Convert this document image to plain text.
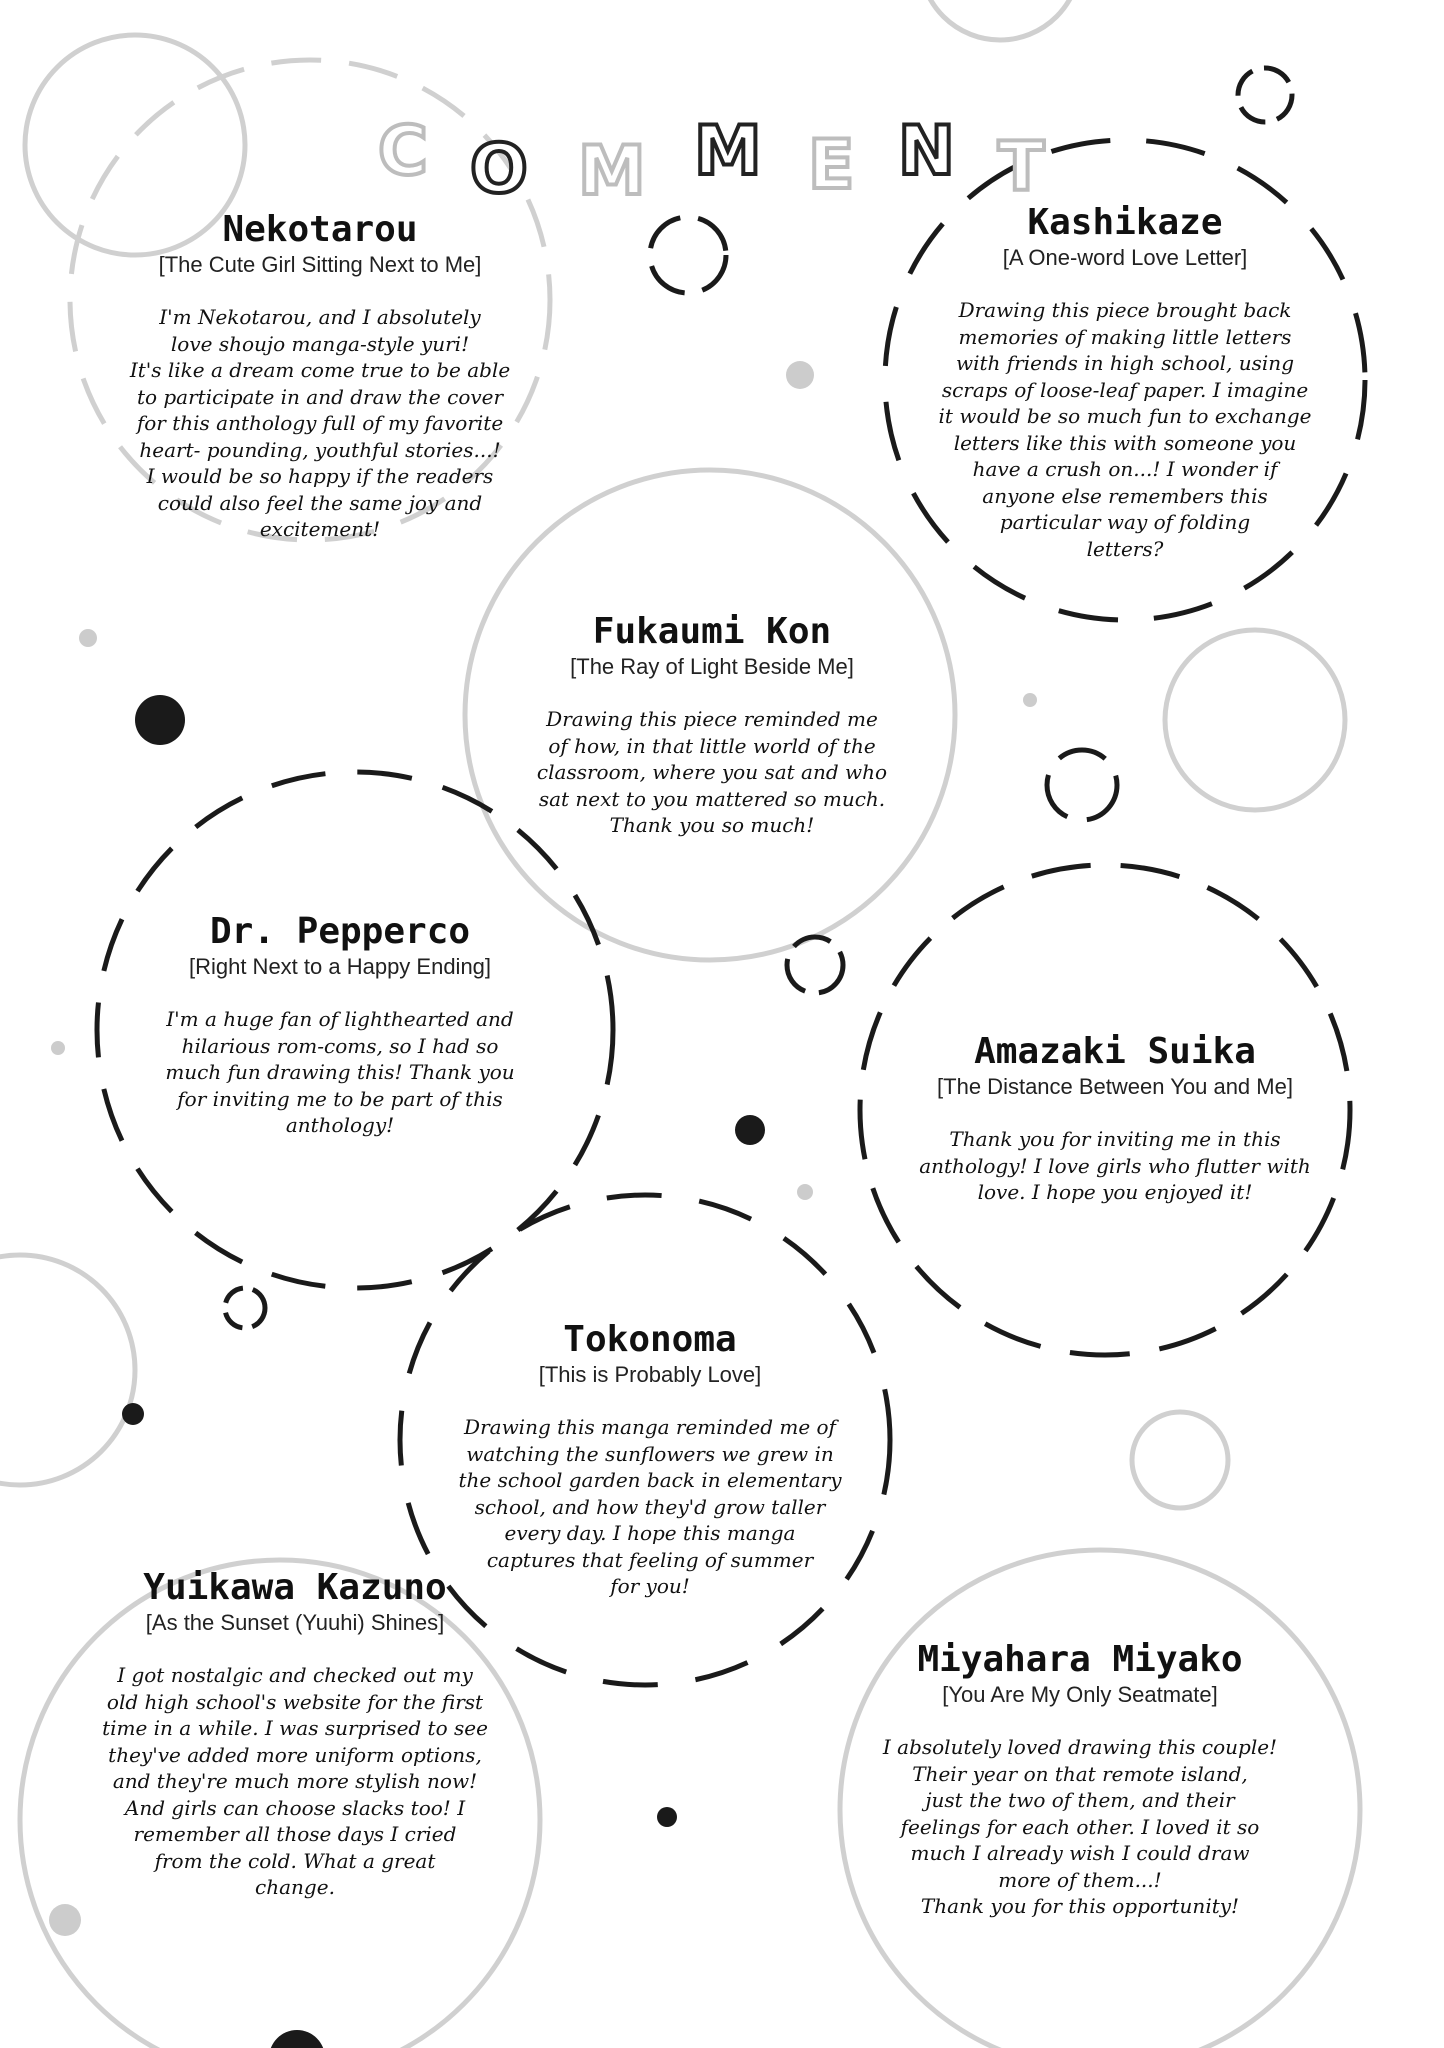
C O M M E N T
Nekotarou
[The Cute Girl Sitting Next to Me]
I'm Nekotarou, and I absolutely
love shoujo manga-style yuri!
It's like a dream come true to be able
to participate in and draw the cover
for this anthology full of my favorite
heart- pounding, youthful stories...!
I would be so happy if the readers
could also feel the same joy and
excitement!
Kashikaze
[A One-word Love Letter]
Drawing this piece brought back
memories of making little letters
with friends in high school, using
scraps of loose-leaf paper. I imagine
it would be so much fun to exchange
letters like this with someone you
have a crush on...! I wonder if
anyone else remembers this
particular way of folding
letters?
Fukaumi Kon
[The Ray of Light Beside Me]
Drawing this piece reminded me
of how, in that little world of the
classroom, where you sat and who
sat next to you mattered so much.
Thank you so much!
Dr. Pepperco
[Right Next to a Happy Ending]
I'm a huge fan of lighthearted and
hilarious rom-coms, so I had so
much fun drawing this! Thank you
for inviting me to be part of this
anthology!
Amazaki Suika
[The Distance Between You and Me]
Thank you for inviting me in this
anthology! I love girls who flutter with
love. I hope you enjoyed it!
Tokonoma
[This is Probably Love]
Drawing this manga reminded me of
watching the sunflowers we grew in
the school garden back in elementary
school, and how they'd grow taller
every day. I hope this manga
captures that feeling of summer
for you!
Yuikawa Kazuno
[As the Sunset (Yuuhi) Shines]
I got nostalgic and checked out my
old high school's website for the first
time in a while. I was surprised to see
they've added more uniform options,
and they're much more stylish now!
And girls can choose slacks too! I
remember all those days I cried
from the cold. What a great
change.
Miyahara Miyako
[You Are My Only Seatmate]
I absolutely loved drawing this couple!
Their year on that remote island,
just the two of them, and their
feelings for each other. I loved it so
much I already wish I could draw
more of them...!
Thank you for this opportunity!
